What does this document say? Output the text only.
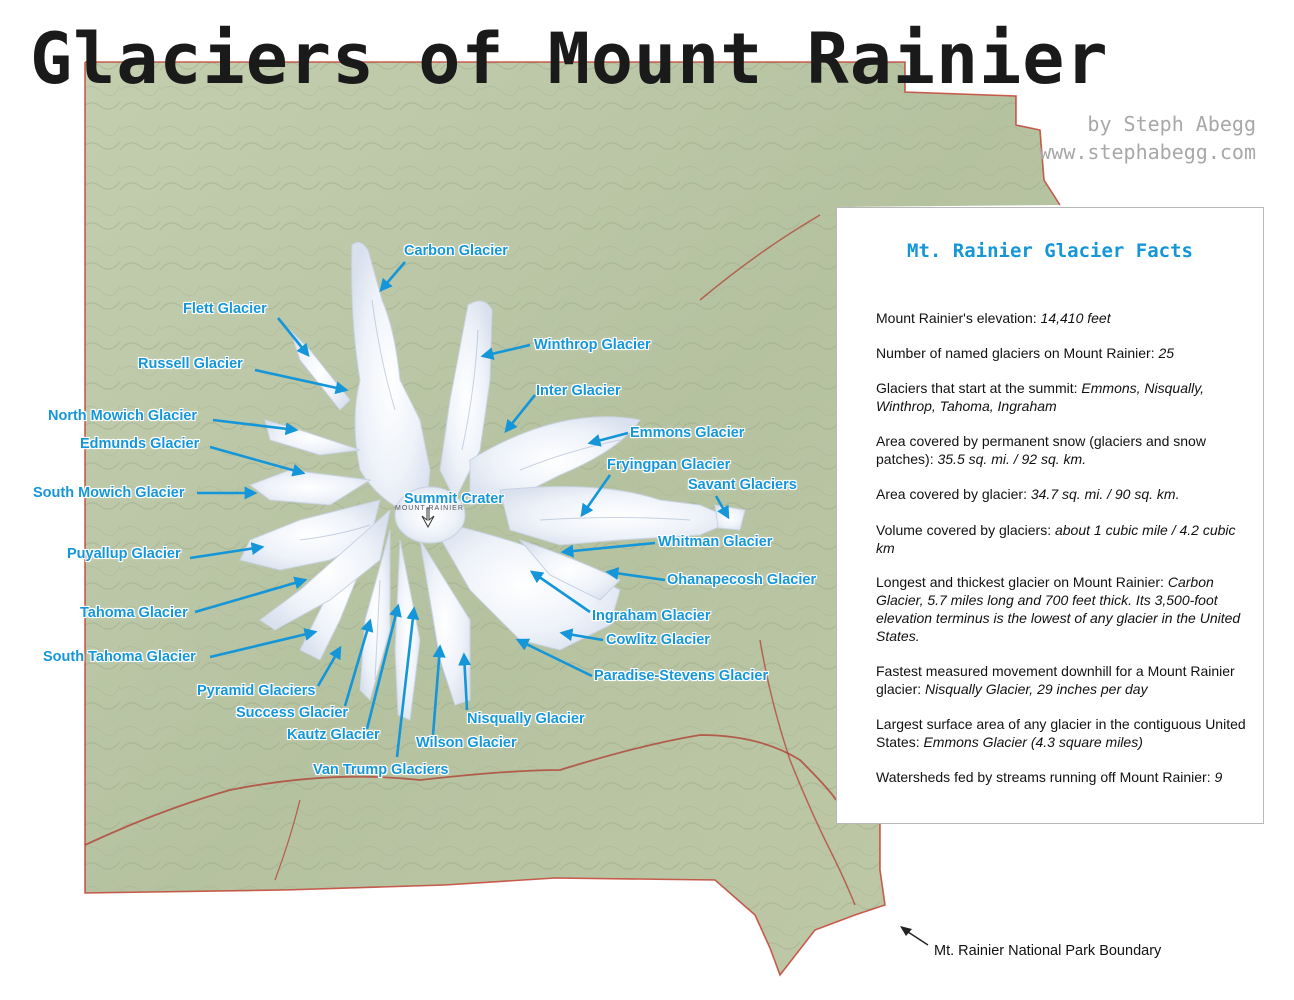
MOUNT RAINIER
Glaciers of Mount Rainier
by Steph Abegg
www.stephabegg.com
Carbon Glacier
Flett Glacier
Winthrop Glacier
Russell Glacier
Inter Glacier
North Mowich Glacier
Emmons Glacier
Edmunds Glacier
Fryingpan Glacier
Savant Glaciers
South Mowich Glacier	Summit Crater
Whitman Glacier
Puyallup Glacier
Ohanapecosh Glacier
Tahoma Glacier	Ingraham Glacier
Cowlitz Glacier
South Tahoma Glacier
Paradise-Stevens Glacier
Pyramid Glaciers
Success Glacier	Nisqually Glacier
Kautz Glacier	Wilson Glacier
Van Trump Glaciers
Mt. Rainier Glacier Facts
Mount Rainier's elevation: 14,410 feet
Number of named glaciers on Mount Rainier: 25
Glaciers that start at the summit: Emmons, Nisqually, Winthrop, Tahoma, Ingraham
Area covered by permanent snow (glaciers and snow patches): 35.5 sq. mi. / 92 sq. km.
Area covered by glacier: 34.7 sq. mi. / 90 sq. km.
Volume covered by glaciers: about 1 cubic mile / 4.2 cubic km
Longest and thickest glacier on Mount Rainier: Carbon Glacier, 5.7 miles long and 700 feet thick. Its 3,500-foot elevation terminus is the lowest of any glacier in the United States.
Fastest measured movement downhill for a Mount Rainier glacier: Nisqually Glacier, 29 inches per day
Largest surface area of any glacier in the contiguous United States: Emmons Glacier (4.3 square miles)
Watersheds fed by streams running off Mount Rainier: 9
Mt. Rainier National Park Boundary
